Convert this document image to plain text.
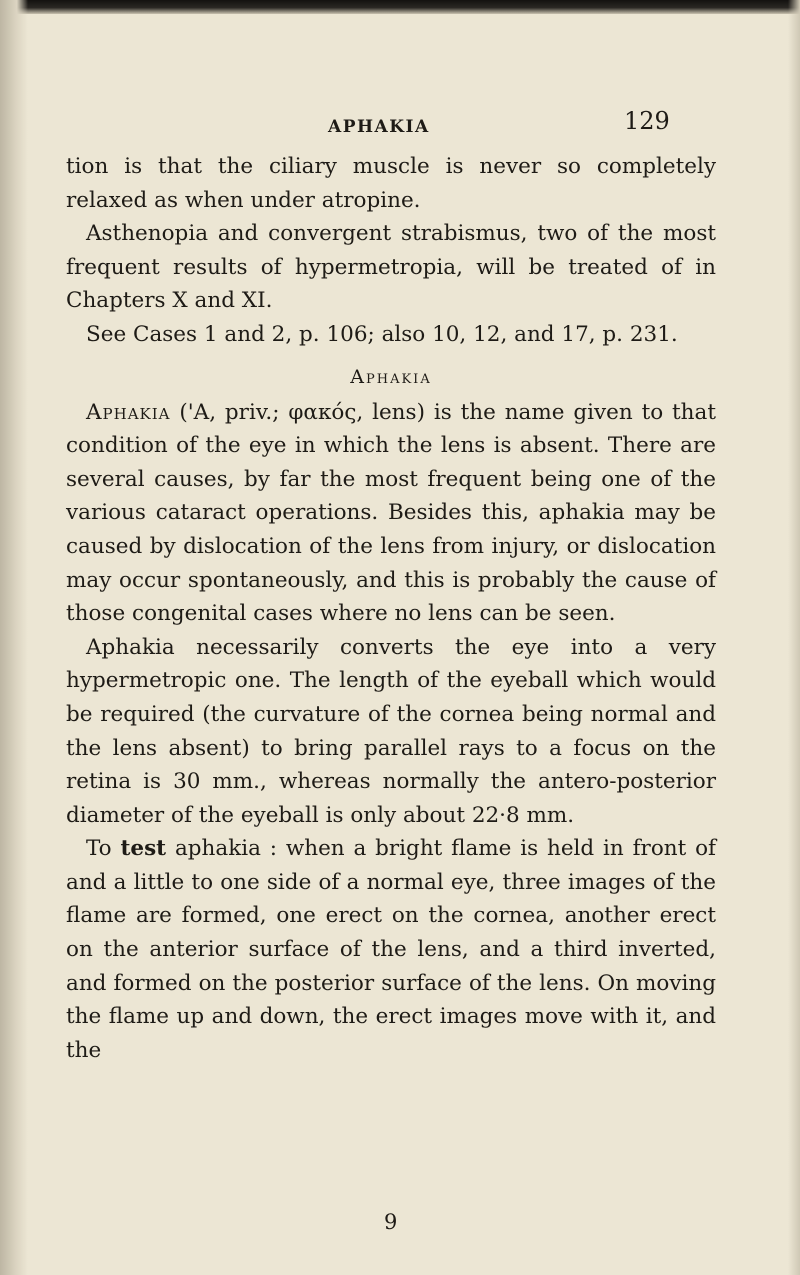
APHAKIA	129

tion is that the ciliary muscle is never so completely relaxed as when under atropine.

Asthenopia and convergent strabismus, two of the most frequent results of hypermetropia, will be treated of in Chapters X and XI.

See Cases 1 and 2, p. 106; also 10, 12, and 17, p. 231.

Aphakia

Aphakia ('A, priv.; φακός, lens) is the name given to that condition of the eye in which the lens is absent. There are several causes, by far the most frequent being one of the various cataract operations. Besides this, aphakia may be caused by dislocation of the lens from injury, or dislocation may occur spontaneously, and this is probably the cause of those congenital cases where no lens can be seen.

Aphakia necessarily converts the eye into a very hypermetropic one. The length of the eyeball which would be required (the curvature of the cornea being normal and the lens absent) to bring parallel rays to a focus on the retina is 30 mm., whereas normally the antero-posterior diameter of the eyeball is only about 22·8 mm.

To test aphakia : when a bright flame is held in front of and a little to one side of a normal eye, three images of the flame are formed, one erect on the cornea, another erect on the anterior surface of the lens, and a third inverted, and formed on the posterior surface of the lens. On moving the flame up and down, the erect images move with it, and the

9
